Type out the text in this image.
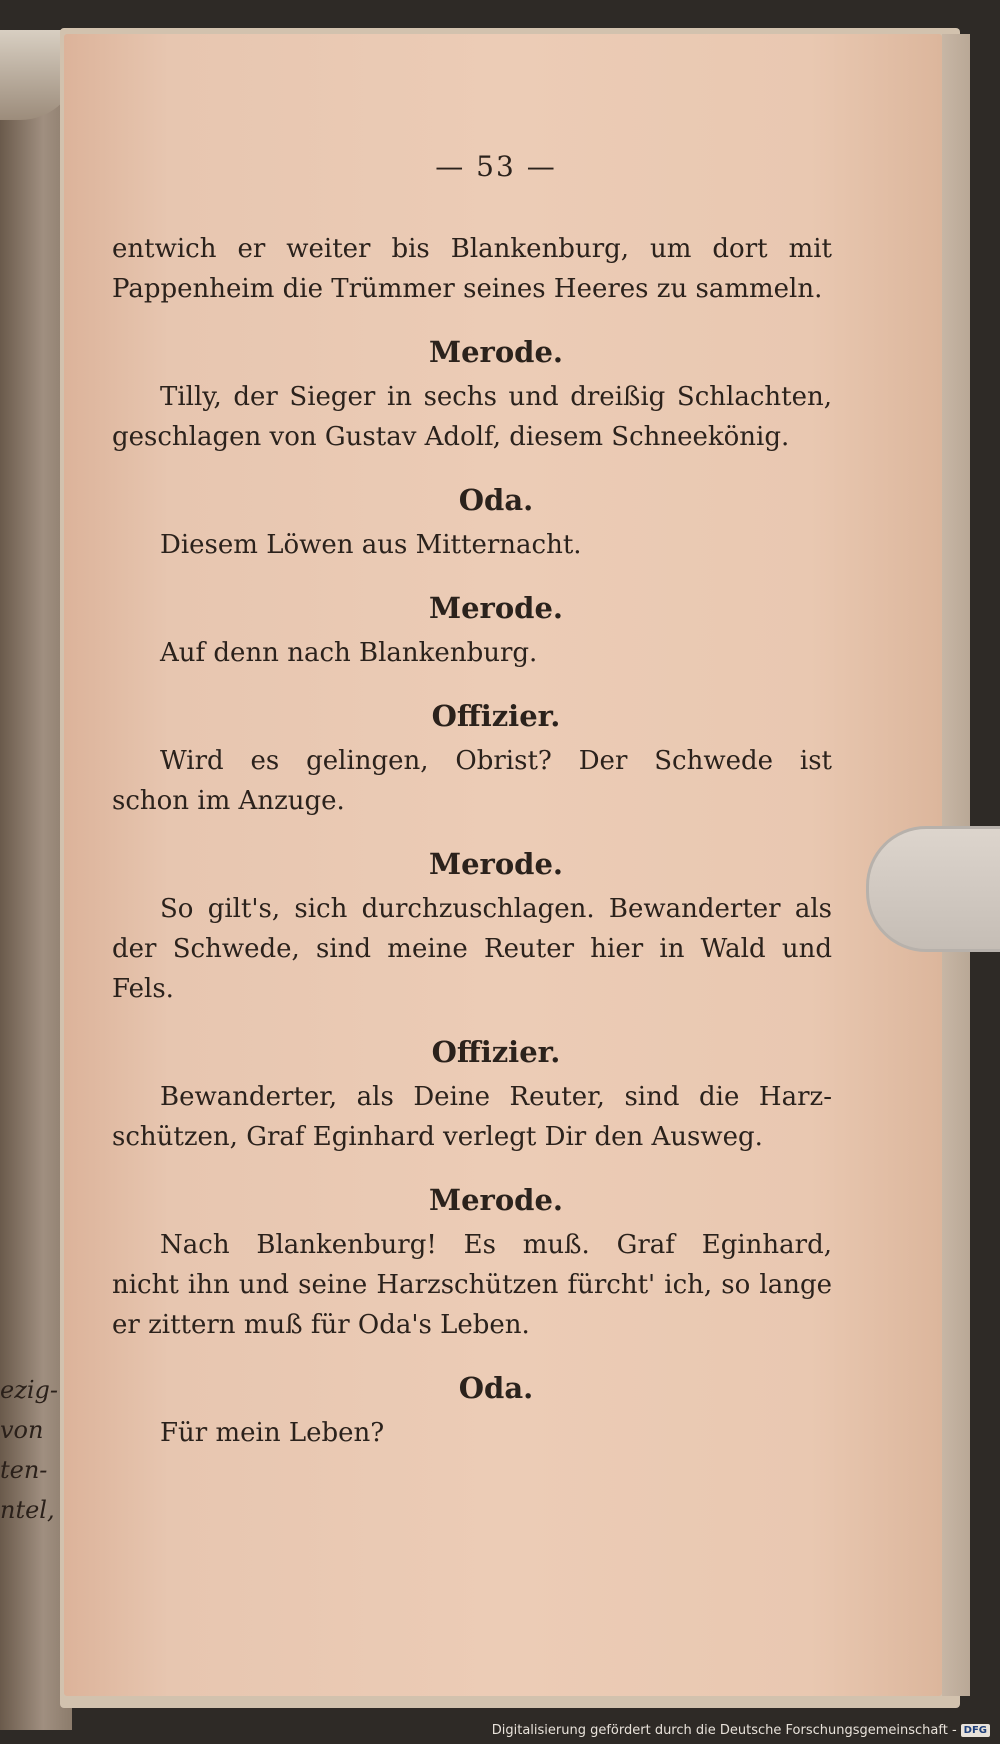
ezig-
von
ten-
ntel,
— 53 —
entwich er weiter bis Blankenburg, um dort mit
Pappenheim die Trümmer seines Heeres zu sammeln.
Merode.
Tilly, der Sieger in sechs und dreißig Schlachten,
geschlagen von Gustav Adolf, diesem Schneekönig.
Oda.
Diesem Löwen aus Mitternacht.
Merode.
Auf denn nach Blankenburg.
Offizier.
Wird es gelingen, Obrist? Der Schwede ist
schon im Anzuge.
Merode.
So gilt's, sich durchzuschlagen. Bewanderter als
der Schwede, sind meine Reuter hier in Wald und
Fels.
Offizier.
Bewanderter, als Deine Reuter, sind die Harz-
schützen, Graf Eginhard verlegt Dir den Ausweg.
Merode.
Nach Blankenburg! Es muß. Graf Eginhard,
nicht ihn und seine Harzschützen fürcht' ich, so lange
er zittern muß für Oda's Leben.
Oda.
Für mein Leben?
Digitalisierung gefördert durch die Deutsche Forschungsgemeinschaft - DFG
